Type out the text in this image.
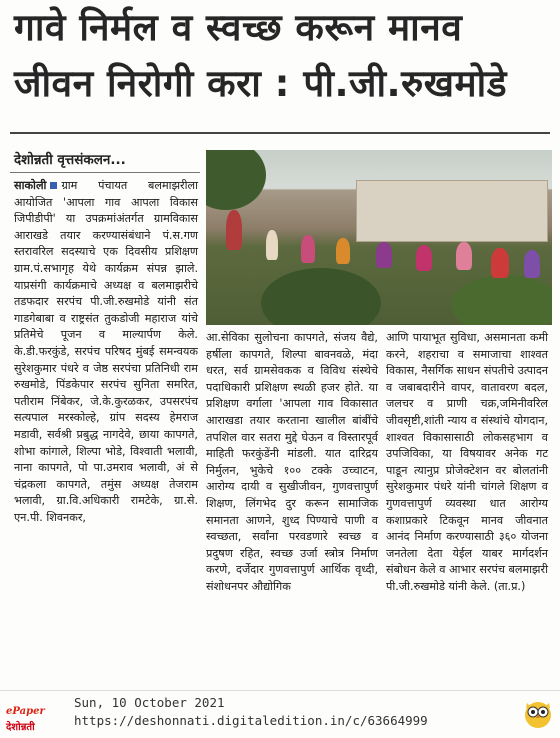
गावे निर्मल व स्वच्छ करून मानव
जीवन निरोगी करा : पी.जी.रुखमोडे
देशोन्नती वृत्तसंकलन...

साकोली ग्राम पंचायत बलमाझरीला आयोजित 'आपला गाव आपला विकास जिपीडीपी' या उपक्रमांअंतर्गत ग्रामविकास आराखडे तयार करण्यासंबंधाने पं.स.गण स्तरावरिल सदस्याचे एक दिवसीय प्रशिक्षण ग्राम.पं.सभागृह येथे कार्यक्रम संपन्न झाले. याप्रसंगी कार्यक्रमाचे अध्यक्ष व बलमाझरीचे तडफदार सरपंच पी.जी.रुखमोडे यांनी संत गाडगेबाबा व राष्ट्रसंत तुकडोजी महाराज यांचे प्रतिमेचे पूजन व माल्यार्पण केले. के.डी.फरकुंडे, सरपंच परिषद मुंबई समन्वयक सुरेशकुमार पंधरे व जेष्ठ सरपंचा प्रतिनिधी राम रुखमोडे, पिंडकेपार सरपंच सुनिता समरित, पतीराम निंबेकर, जे.के.कुरळकर, उपसरपंच सत्यपाल मरस्कोल्हे, ग्रांप सदस्य हेमराज मडावी, सर्वश्री प्रबुद्ध नागदेवे, छाया कापगते, शोभा कांगाले, शिल्पा भोडे, विश्वाती भलावी, नाना कापगते, पो पा.उमराव भलावी, अं से चंद्रकला कापगते, तमुंस अध्यक्ष तेजराम भलावी, ग्रा.वि.अधिकारी रामटेके, ग्रा.से. एन.पी. शिवनकर,

आ.सेविका सुलोचना कापगते, संजय वैद्ये, हर्षीला कापगते, शिल्पा बावनवळे, मंदा धरत, सर्व ग्रामसेवकक व विविध संस्थेचे पदाधिकारी प्रशिक्षण स्थळी हजर होते. या प्रशिक्षण वर्गाला 'आपला गाव विकासात आराखडा तयार करताना खालील बांबींचे तपशिल वार सतरा मुद्दे घेऊन व विस्तारपूर्व माहिती फरकुंडेंनी मांडली. यात दारिद्रय निर्मुलन, भुकेचे १०० टक्के उच्चाटन, आरोग्य दायी व सुखीजीवन, गुणवत्तापुर्ण शिक्षण, लिंगभेद दुर करून सामाजिक समानता आणने, शुध्द पिण्याचे पाणी व स्वच्छता, सर्वांना परवडणारे स्वच्छ व प्रदुषण रहित, स्वच्छ उर्जा स्त्रोत्र निर्माण करणे, दर्जेदार गुणवत्तापुर्ण आर्थिक वृध्दी, संशोधनपर औद्योगिक

आणि पायाभूत सुविधा, असमानता कमी करने, शहराचा व समाजाचा शाश्वत विकास, नैसर्गिक साधन संपतीचे उत्पादन व जबाबदारीने वापर, वातावरण बदल, जलचर व प्राणी चक्र,जमिनीवरिल जीवसृष्टी,शांती न्याय व संस्थांचे योगदान, शाश्वत विकासासाठी लोकसहभाग व उपजिविका, या विषयावर अनेक गट पाडून त्यानुप्र प्रोजेक्टेशन वर बोलतांनी सुरेशकुमार पंधरे यांनी चांगले शिक्षण व गुणवत्तापुर्ण व्यवस्था धात आरोग्य कशाप्रकारे टिकवून मानव जीवनात आनंद निर्माण करण्यासाठी ३६० योजना जनतेला देता येईल याबर मार्गदर्शन संबोधन केले व आभार सरपंच बलमाझरी पी.जी.रुखमोडे यांनी केले. (ता.प्र.)

ePaper
देशोन्नती
Sun, 10 October 2021
https://deshonnati.digitaledition.in/c/63664999
